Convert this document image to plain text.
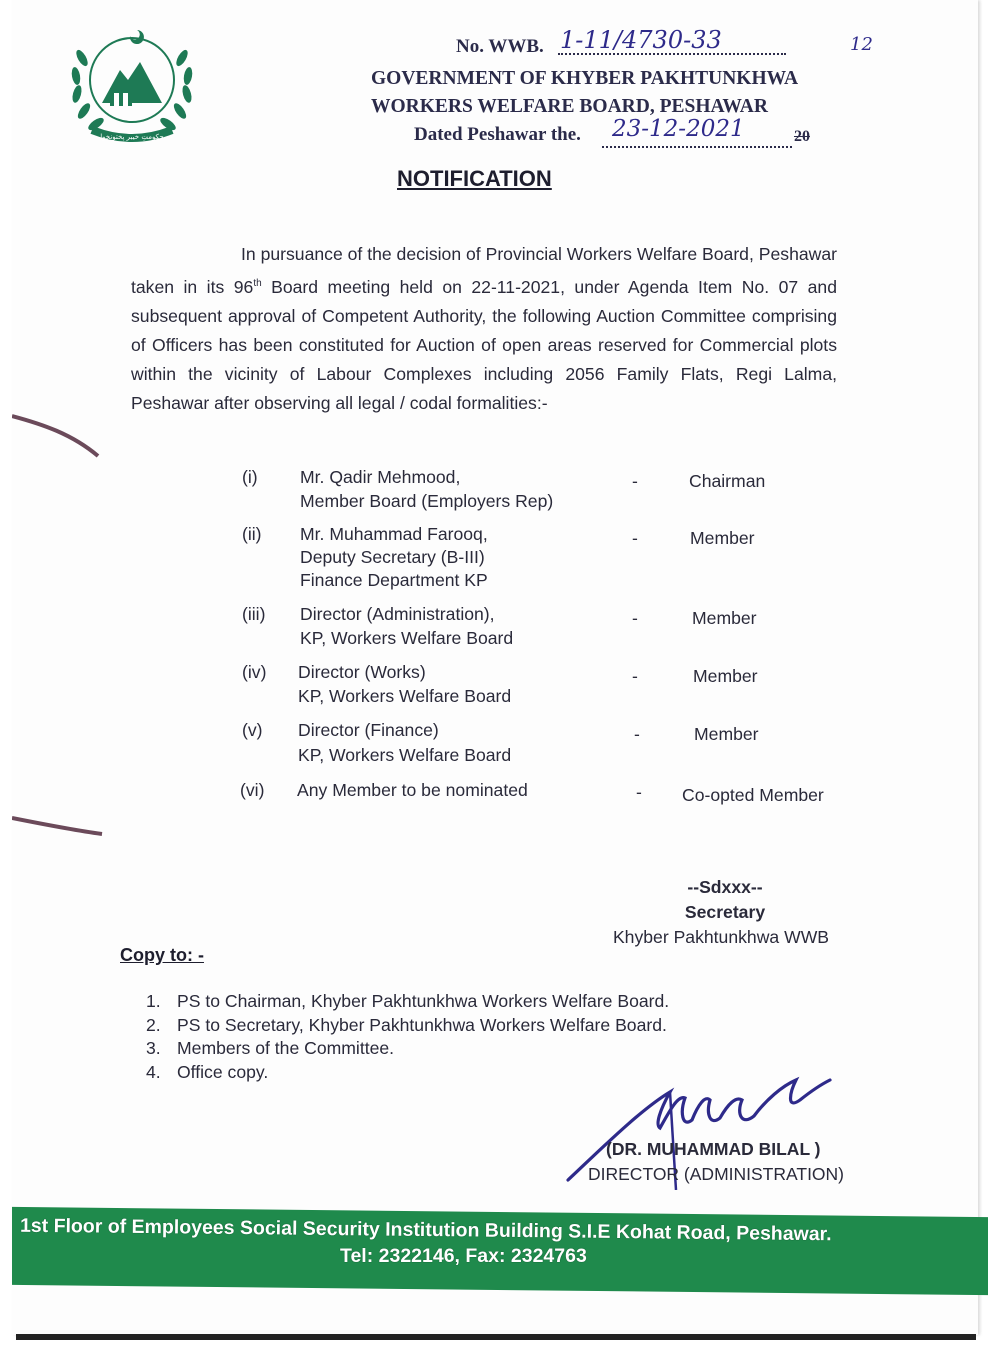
حکومتِ خیبر پختونخوا
No. WWB. 1-11/4730-33	12
GOVERNMENT OF KHYBER PAKHTUNKHWA
WORKERS WELFARE BOARD, PESHAWAR
Dated Peshawar the. 23-12-2021	20
NOTIFICATION
In pursuance of the decision of Provincial Workers Welfare Board, Peshawar taken in its 96th Board meeting held on 22-11-2021, under Agenda Item No. 07 and subsequent approval of Competent Authority, the following Auction Committee comprising of Officers has been constituted for Auction of open areas reserved for Commercial plots within the vicinity of Labour Complexes including 2056 Family Flats, Regi Lalma, Peshawar after observing all legal / codal formalities:-
(i) Mr. Qadir Mehmood,
Member Board (Employers Rep)
-	Chairman
(ii) Mr. Muhammad Farooq,
Deputy Secretary (B-III)
Finance Department KP
-	Member
(iii) Director (Administration),
KP, Workers Welfare Board
-	Member
(iv) Director (Works)
KP, Workers Welfare Board
-	Member
(v) Director (Finance)
KP, Workers Welfare Board
-	Member
(vi) Any Member to be nominated	- Co-opted Member
--Sdxxx--
Secretary
Khyber Pakhtunkhwa WWB
Copy to: -
1. PS to Chairman, Khyber Pakhtunkhwa Workers Welfare Board.
2. PS to Secretary, Khyber Pakhtunkhwa Workers Welfare Board.
3. Members of the Committee.
4. Office copy.
(DR. MUHAMMAD BILAL )
DIRECTOR (ADMINISTRATION)
1st Floor of Employees Social Security Institution Building S.I.E Kohat Road, Peshawar.
Tel: 2322146, Fax: 2324763
